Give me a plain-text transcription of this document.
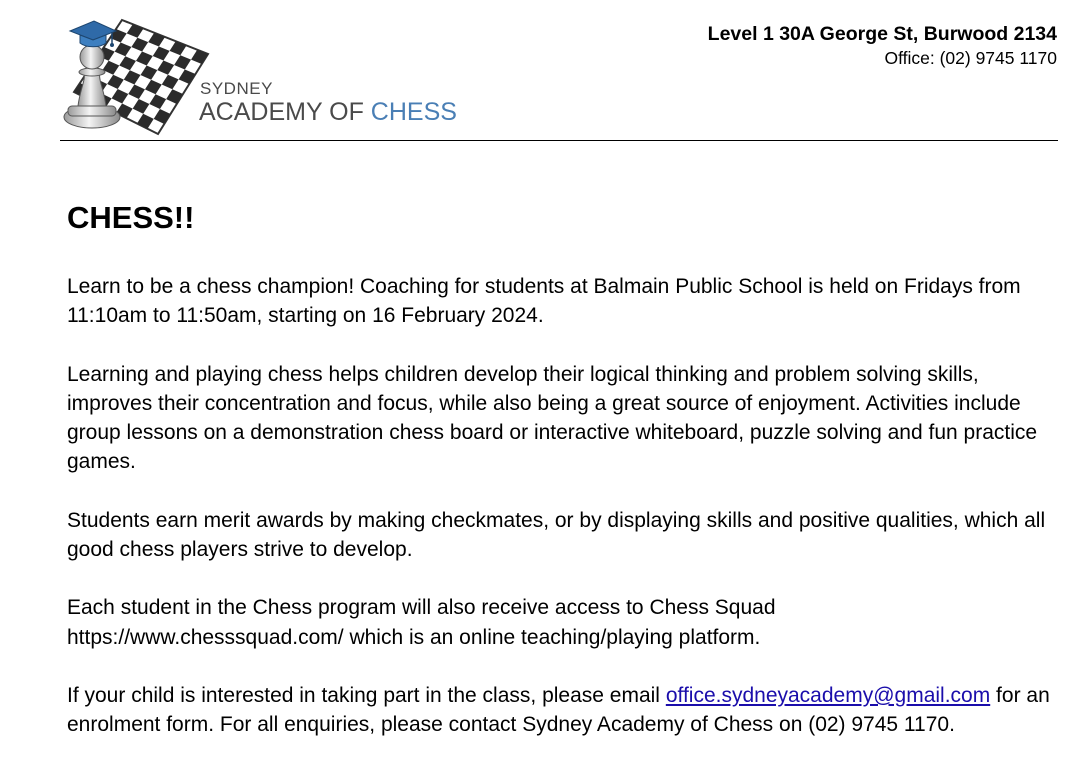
SYDNEY
ACADEMY OF CHESS
Level 1 30A George St, Burwood 2134
Office: (02) 9745 1170
CHESS!!

Learn to be a chess champion! Coaching for students at Balmain Public School is held on Fridays from 11:10am to 11:50am, starting on 16 February 2024.

Learning and playing chess helps children develop their logical thinking and problem solving skills, improves their concentration and focus, while also being a great source of enjoyment. Activities include group lessons on a demonstration chess board or interactive whiteboard, puzzle solving and fun practice games.

Students earn merit awards by making checkmates, or by displaying skills and positive qualities, which all good chess players strive to develop.

Each student in the Chess program will also receive access to Chess Squad https://www.chesssquad.com/ which is an online teaching/playing platform.

If your child is interested in taking part in the class, please email office.sydneyacademy@gmail.com for an enrolment form. For all enquiries, please contact Sydney Academy of Chess on (02) 9745 1170.
